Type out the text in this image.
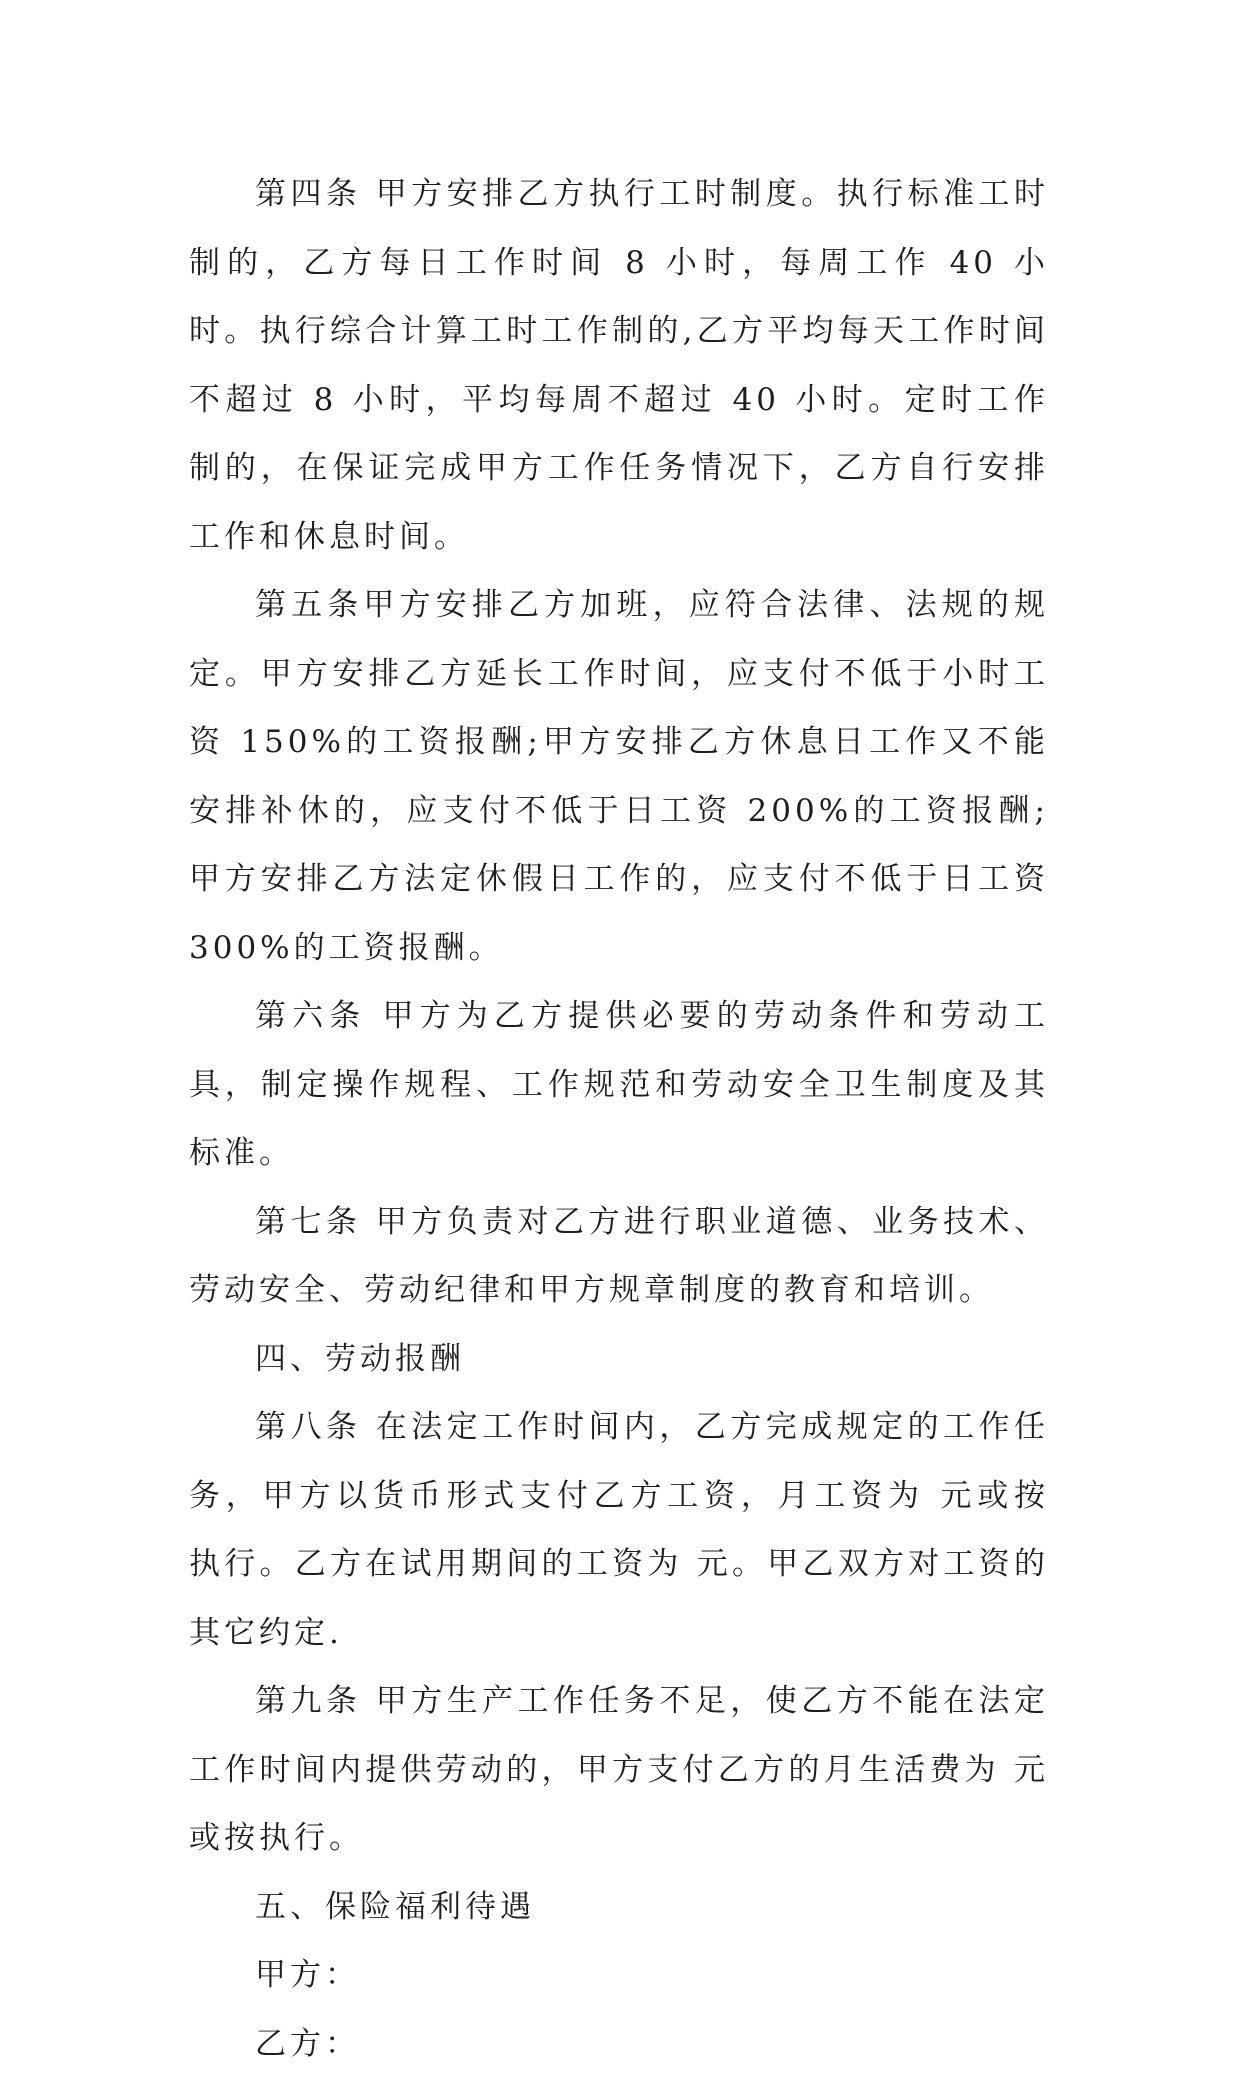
第四条 甲方安排乙方执行工时制度。执行标准工时制的，乙方每日工作时间 8 小时，每周工作 40 小时。执行综合计算工时工作制的,乙方平均每天工作时间不超过 8 小时，平均每周不超过 40 小时。定时工作制的，在保证完成甲方工作任务情况下，乙方自行安排工作和休息时间。

第五条甲方安排乙方加班，应符合法律、法规的规定。甲方安排乙方延长工作时间，应支付不低于小时工资 150%的工资报酬;甲方安排乙方休息日工作又不能安排补休的，应支付不低于日工资 200%的工资报酬;甲方安排乙方法定休假日工作的，应支付不低于日工资 300%的工资报酬。

第六条 甲方为乙方提供必要的劳动条件和劳动工具，制定操作规程、工作规范和劳动安全卫生制度及其标准。

第七条 甲方负责对乙方进行职业道德、业务技术、劳动安全、劳动纪律和甲方规章制度的教育和培训。

四、劳动报酬

第八条 在法定工作时间内，乙方完成规定的工作任务，甲方以货币形式支付乙方工资，月工资为 元或按 执行。乙方在试用期间的工资为 元。甲乙双方对工资的其它约定.

第九条 甲方生产工作任务不足，使乙方不能在法定工作时间内提供劳动的，甲方支付乙方的月生活费为 元或按执行。

五、保险福利待遇

甲方：

乙方：
